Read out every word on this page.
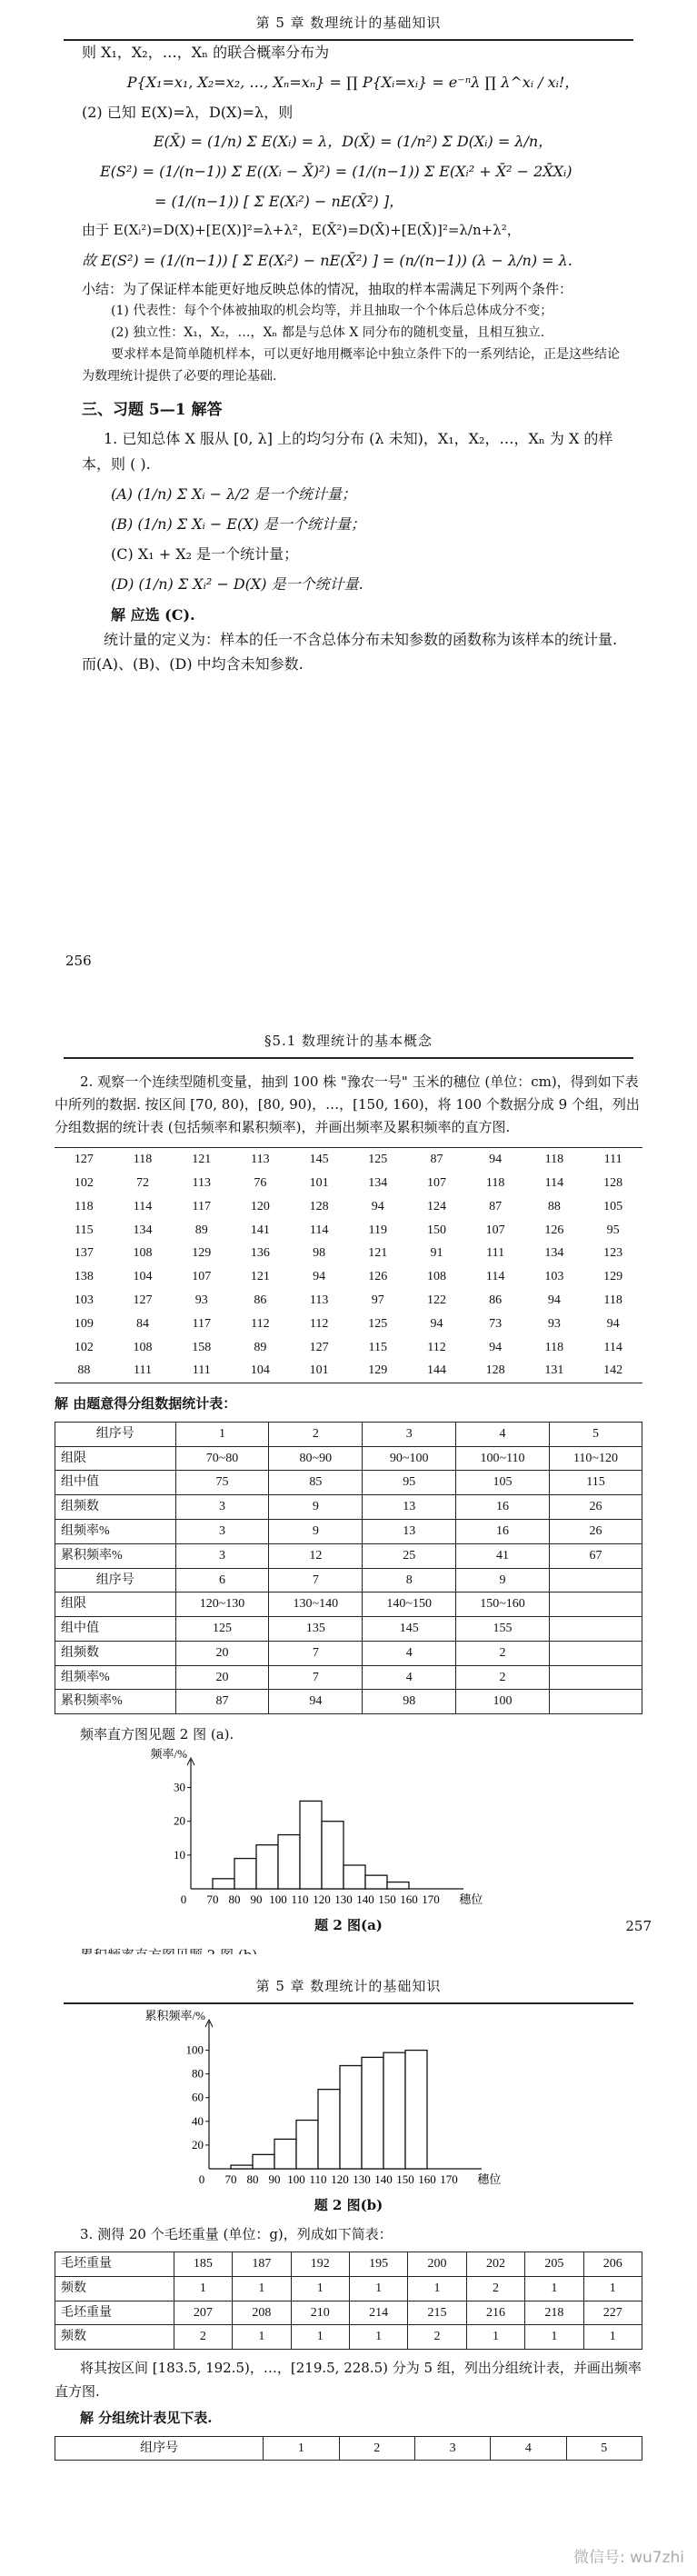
第 5 章 数理统计的基础知识
则 X₁，X₂，…，Xₙ 的联合概率分布为
P{X₁=x₁, X₂=x₂, …, Xₙ=xₙ} = ∏ P{Xᵢ=xᵢ} = e⁻ⁿλ ∏ λ^xᵢ / xᵢ!，
(2) 已知 E(X)=λ，D(X)=λ，则
E(X̄) = (1/n) Σ E(Xᵢ) = λ，D(X̄) = (1/n²) Σ D(Xᵢ) = λ/n，
E(S²) = (1/(n−1)) Σ E((Xᵢ − X̄)²) = (1/(n−1)) Σ E(Xᵢ² + X̄² − 2X̄Xᵢ)
= (1/(n−1)) [ Σ E(Xᵢ²) − nE(X̄²) ]，
由于 E(Xᵢ²)=D(X)+[E(X)]²=λ+λ²，E(X̄²)=D(X̄)+[E(X̄)]²=λ/n+λ²，
故 E(S²) = (1/(n−1)) [ Σ E(Xᵢ²) − nE(X̄²) ] = (n/(n−1)) (λ − λ/n) = λ.
小结：为了保证样本能更好地反映总体的情况，抽取的样本需满足下列两个条件：
(1) 代表性：每个个体被抽取的机会均等，并且抽取一个个体后总体成分不变；
(2) 独立性：X₁，X₂，…，Xₙ 都是与总体 X 同分布的随机变量，且相互独立.
要求样本是简单随机样本，可以更好地用概率论中独立条件下的一系列结论，正是这些结论为数理统计提供了必要的理论基础.
三、习题 5—1 解答
1. 已知总体 X 服从 [0, λ] 上的均匀分布 (λ 未知)，X₁，X₂，…，Xₙ 为 X 的样本，则 ( ).
(A) (1/n) Σ Xᵢ − λ/2 是一个统计量；
(B) (1/n) Σ Xᵢ − E(X) 是一个统计量；
(C) X₁ + X₂ 是一个统计量；
(D) (1/n) Σ Xᵢ² − D(X) 是一个统计量.
解 应选 (C).
统计量的定义为：样本的任一不含总体分布未知参数的函数称为该样本的统计量. 而(A)、(B)、(D) 中均含未知参数.
256
§5.1 数理统计的基本概念
2. 观察一个连续型随机变量，抽到 100 株 "豫农一号" 玉米的穗位 (单位：cm)，得到如下表中所列的数据. 按区间 [70, 80)，[80, 90)，…，[150, 160)，将 100 个数据分成 9 个组，列出分组数据的统计表 (包括频率和累积频率)，并画出频率及累积频率的直方图.
127	118	121	113	145	125	87	94	118	111
102	72	113	76	101	134	107	118	114	128
118	114	117	120	128	94	124	87	88	105
115	134	89	141	114	119	150	107	126	95
137	108	129	136	98	121	91	111	134	123
138	104	107	121	94	126	108	114	103	129
103	127	93	86	113	97	122	86	94	118
109	84	117	112	112	125	94	73	93	94
102	108	158	89	127	115	112	94	118	114
88	111	111	104	101	129	144	128	131	142
解 由题意得分组数据统计表：
组序号	1	2	3	4	5
组限	70~80	80~90	90~100	100~110	110~120
组中值	75	85	95	105	115
组频数	3	9	13	16	26
组频率%	3	9	13	16	26
累积频率%	3	12	25	41	67
组序号	6	7	8	9	
组限	120~130	130~140	140~150	150~160	
组中值	125	135	145	155	
组频数	20	7	4	2	
组频率%	20	7	4	2	
累积频率%	87	94	98	100	
频率直方图见题 2 图 (a).
频率/%
10
20
30
0 70 80 90 100 110 120 130 140 150 160 170 穗位
题 2 图(a)	257
第 5 章 数理统计的基础知识
累积频率/%
20
40
60
80
100
0 70 80 90 100 110 120 130 140 150 160 170 穗位
题 2 图(b)
3. 测得 20 个毛坯重量 (单位：g)，列成如下简表：
毛坯重量	185	187	192	195	200	202	205	206
频数	1	1	1	1	1	2	1	1
毛坯重量	207	208	210	214	215	216	218	227
频数	2	1	1	1	2	1	1	1
将其按区间 [183.5, 192.5)，…，[219.5, 228.5) 分为 5 组，列出分组统计表，并画出频率直方图.
解 分组统计表见下表.
组序号	1	2	3	4	5
微信号: wu7zhi
